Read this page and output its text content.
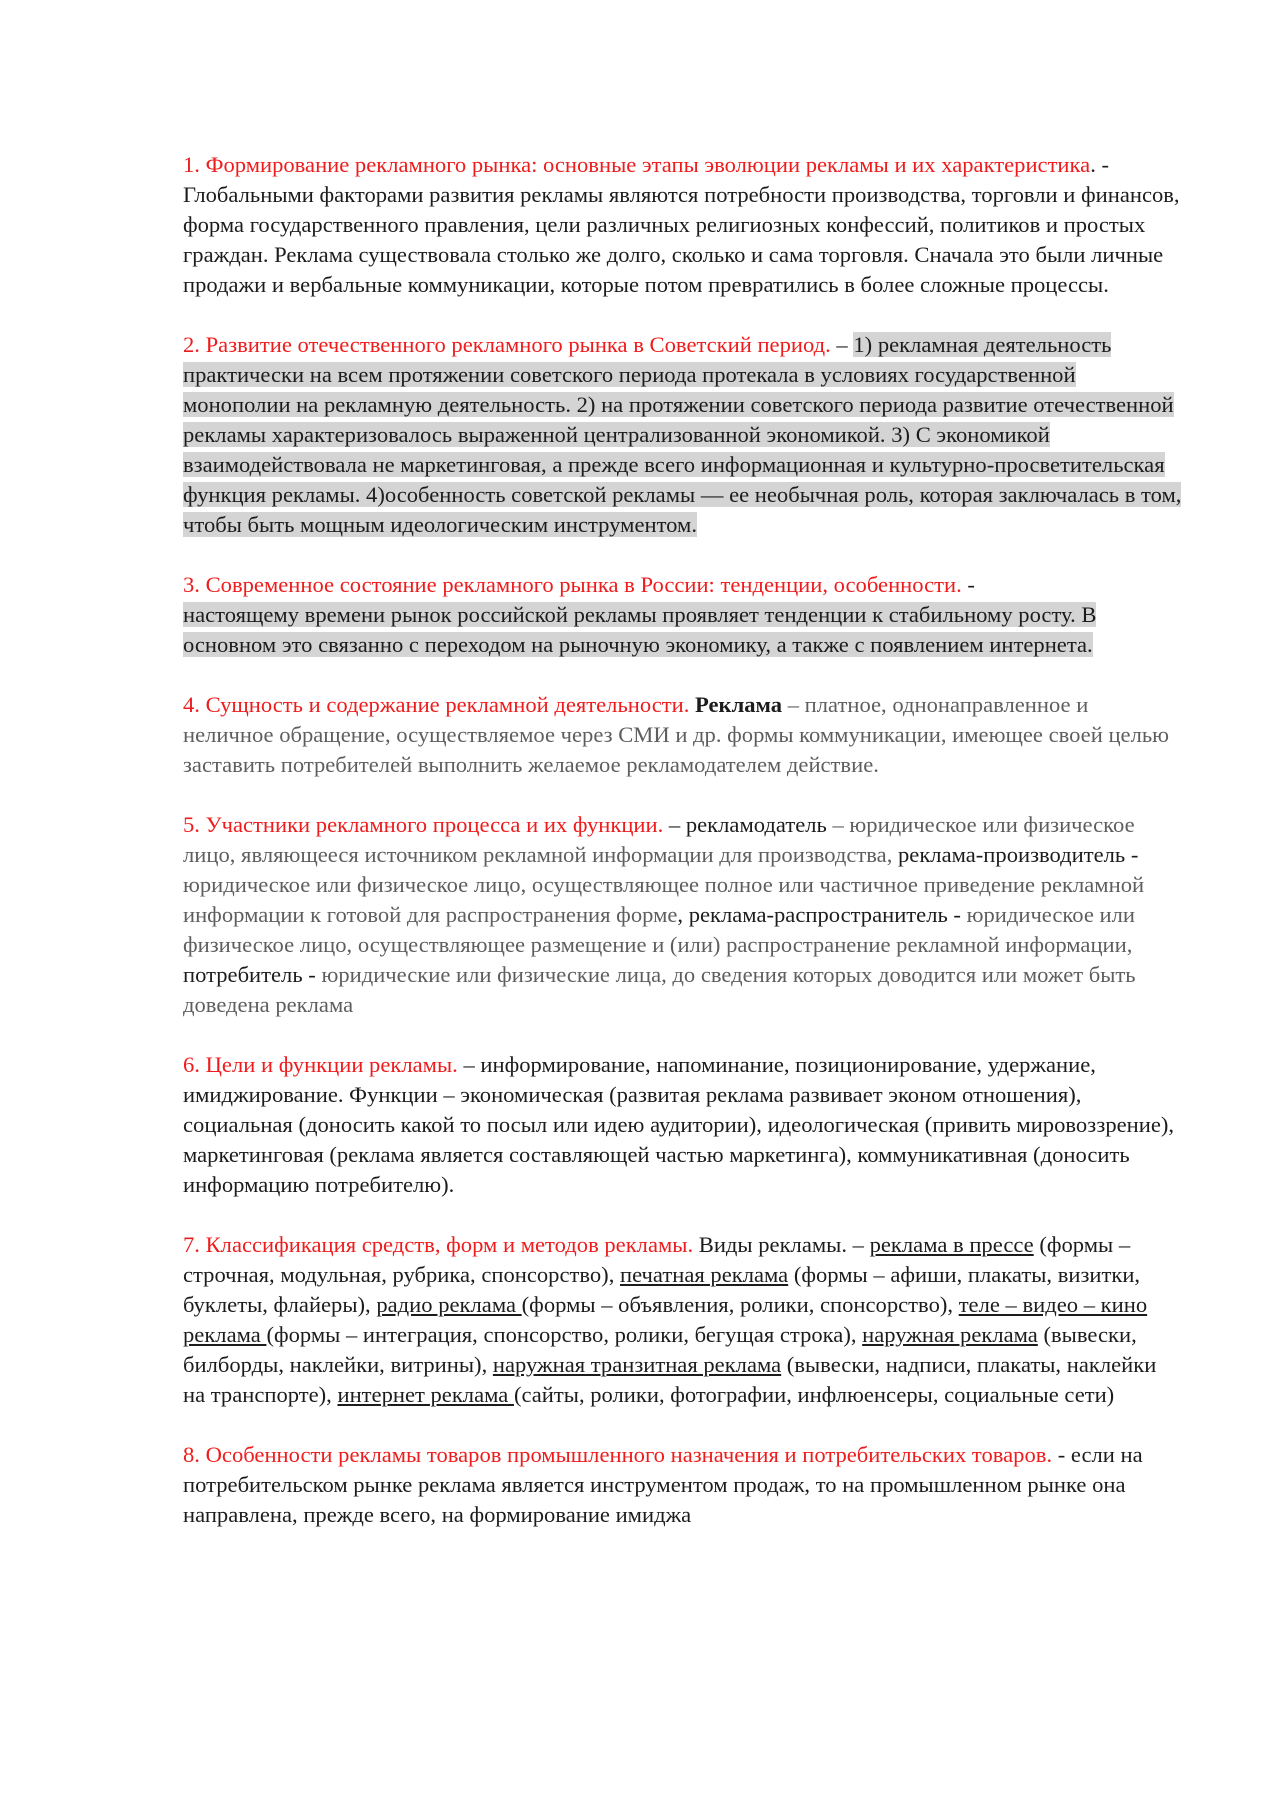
1. Формирование рекламного рынка: основные этапы эволюции рекламы и их характеристика. - Глобальными факторами развития рекламы являются потребности производства, торговли и финансов, форма государственного правления, цели различных религиозных конфессий, политиков и простых граждан. Реклама существовала столько же долго, сколько и сама торговля. Сначала это были личные продажи и вербальные коммуникации, которые потом превратились в более сложные процессы.

2. Развитие отечественного рекламного рынка в Советский период. – 1) рекламная деятельность практически на всем протяжении советского периода протекала в условиях государственной монополии на рекламную деятельность. 2) на протяжении советского периода развитие отечественной рекламы характеризовалось выраженной централизованной экономикой. 3) С экономикой взаимодействовала не маркетинговая, а прежде всего информационная и культурно-просветительская функция рекламы. 4)особенность советской рекламы — ее необычная роль, которая заключалась в том, чтобы быть мощным идеологическим инструментом.

3. Современное состояние рекламного рынка в России: тенденции, особенности. -
настоящему времени рынок российской рекламы проявляет тенденции к стабильному росту. В основном это связанно с переходом на рыночную экономику, а также с появлением интернета.

4. Сущность и содержание рекламной деятельности. Реклама – платное, однонаправленное и неличное обращение, осуществляемое через СМИ и др. формы коммуникации, имеющее своей целью заставить потребителей выполнить желаемое рекламодателем действие.

5. Участники рекламного процесса и их функции. – рекламодатель – юридическое или физическое лицо, являющееся источником рекламной информации для производства, реклама-производитель - юридическое или физическое лицо, осуществляющее полное или частичное приведение рекламной информации к готовой для распространения форме, реклама-распространитель - юридическое или физическое лицо, осуществляющее размещение и (или) распространение рекламной информации, потребитель - юридические или физические лица, до сведения которых доводится или может быть доведена реклама

6. Цели и функции рекламы. – информирование, напоминание, позиционирование, удержание, имиджирование. Функции – экономическая (развитая реклама развивает эконом отношения), социальная (доносить какой то посыл или идею аудитории), идеологическая (привить мировоззрение), маркетинговая (реклама является составляющей частью маркетинга), коммуникативная (доносить информацию потребителю).

7. Классификация средств, форм и методов рекламы. Виды рекламы. – реклама в прессе (формы – строчная, модульная, рубрика, спонсорство), печатная реклама (формы – афиши, плакаты, визитки, буклеты, флайеры), радио реклама (формы – объявления, ролики, спонсорство), теле – видео – кино реклама (формы – интеграция, спонсорство, ролики, бегущая строка), наружная реклама (вывески, билборды, наклейки, витрины), наружная транзитная реклама (вывески, надписи, плакаты, наклейки на транспорте), интернет реклама (сайты, ролики, фотографии, инфлюенсеры, социальные сети)

8. Особенности рекламы товаров промышленного назначения и потребительских товаров. - если на потребительском рынке реклама является инструментом продаж, то на промышленном рынке она направлена, прежде всего, на формирование имиджа
